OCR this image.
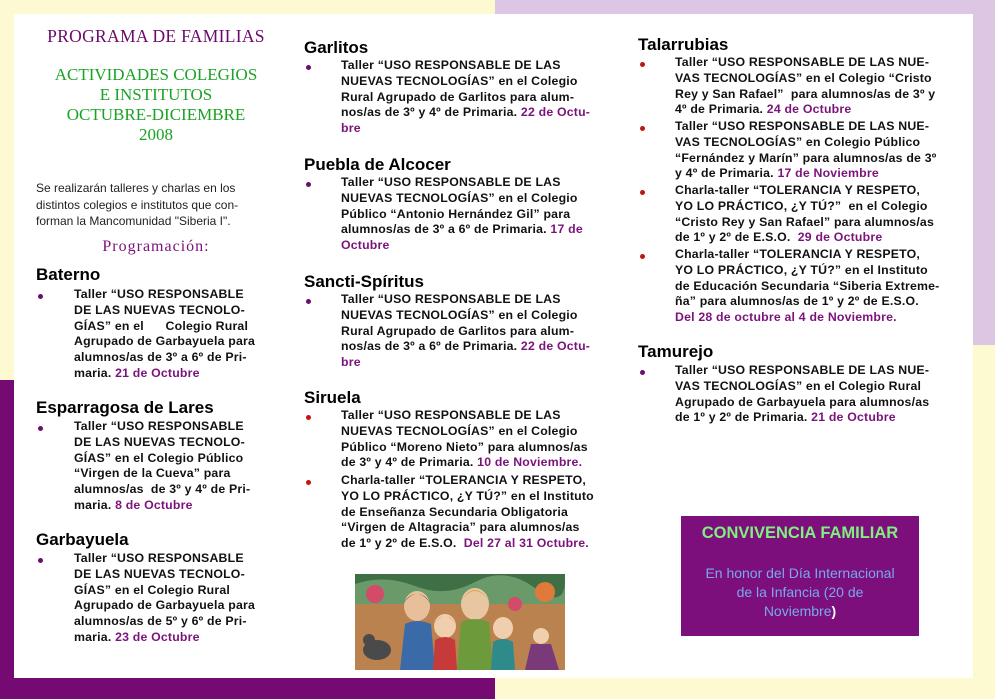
PROGRAMA DE FAMILIAS
ACTIVIDADES COLEGIOS
E INSTITUTOS
OCTUBRE-DICIEMBRE
2008
Se realizarán talleres y charlas en los
distintos colegios e institutos que con-
forman la Mancomunidad "Siberia I".
Programación:
Baterno
Taller “USO RESPONSABLE
DE LAS NUEVAS TECNOLO-
GÍAS” en el      Colegio Rural
Agrupado de Garbayuela para
alumnos/as de 3º a 6º de Pri-
maria. 21 de Octubre
Esparragosa de Lares
Taller “USO RESPONSABLE
DE LAS NUEVAS TECNOLO-
GÍAS” en el Colegio Público
“Virgen de la Cueva” para
alumnos/as  de 3º y 4º de Pri-
maria. 8 de Octubre
Garbayuela
Taller “USO RESPONSABLE
DE LAS NUEVAS TECNOLO-
GÍAS” en el Colegio Rural
Agrupado de Garbayuela para
alumnos/as de 5º y 6º de Pri-
maria. 23 de Octubre
Garlitos
Taller “USO RESPONSABLE DE LAS
NUEVAS TECNOLOGÍAS” en el Colegio
Rural Agrupado de Garlitos para alum-
nos/as de 3º y 4º de Primaria. 22 de Octu-
bre
Puebla de Alcocer
Taller “USO RESPONSABLE DE LAS
NUEVAS TECNOLOGÍAS” en el Colegio
Público “Antonio Hernández Gil” para
alumnos/as de 3º a 6º de Primaria. 17 de
Octubre
Sancti-Spíritus
Taller “USO RESPONSABLE DE LAS
NUEVAS TECNOLOGÍAS” en el Colegio
Rural Agrupado de Garlitos para alum-
nos/as de 3º a 6º de Primaria. 22 de Octu-
bre
Siruela
Taller “USO RESPONSABLE DE LAS
NUEVAS TECNOLOGÍAS” en el Colegio
Público “Moreno Nieto” para alumnos/as
de 3º y 4º de Primaria. 10 de Noviembre.
Charla-taller “TOLERANCIA Y RESPETO,
YO LO PRÁCTICO, ¿Y TÚ?” en el Instituto
de Enseñanza Secundaria Obligatoria
“Virgen de Altagracia” para alumnos/as
de 1º y 2º de E.S.O. Del 27 al 31 Octubre.
Talarrubias
Taller “USO RESPONSABLE DE LAS NUE-
VAS TECNOLOGÍAS” en el Colegio “Cristo
Rey y San Rafael”  para alumnos/as de 3º y
4º de Primaria. 24 de Octubre
Taller “USO RESPONSABLE DE LAS NUE-
VAS TECNOLOGÍAS” en Colegio Público
“Fernández y Marín” para alumnos/as de 3º
y 4º de Primaria. 17 de Noviembre
Charla-taller “TOLERANCIA Y RESPETO,
YO LO PRÁCTICO, ¿Y TÚ?”  en el Colegio
“Cristo Rey y San Rafael” para alumnos/as
de 1º y 2º de E.S.O. 29 de Octubre
Charla-taller “TOLERANCIA Y RESPETO,
YO LO PRÁCTICO, ¿Y TÚ?” en el Instituto
de Educación Secundaria “Siberia Extreme-
ña” para alumnos/as de 1º y 2º de E.S.O.
Del 28 de octubre al 4 de Noviembre.
Tamurejo
Taller “USO RESPONSABLE DE LAS NUE-
VAS TECNOLOGÍAS” en el Colegio Rural
Agrupado de Garbayuela para alumnos/as
de 1º y 2º de Primaria. 21 de Octubre
CONVIVENCIA FAMILIAR
En honor del Día Internacional
de la Infancia (20 de
Noviembre)
